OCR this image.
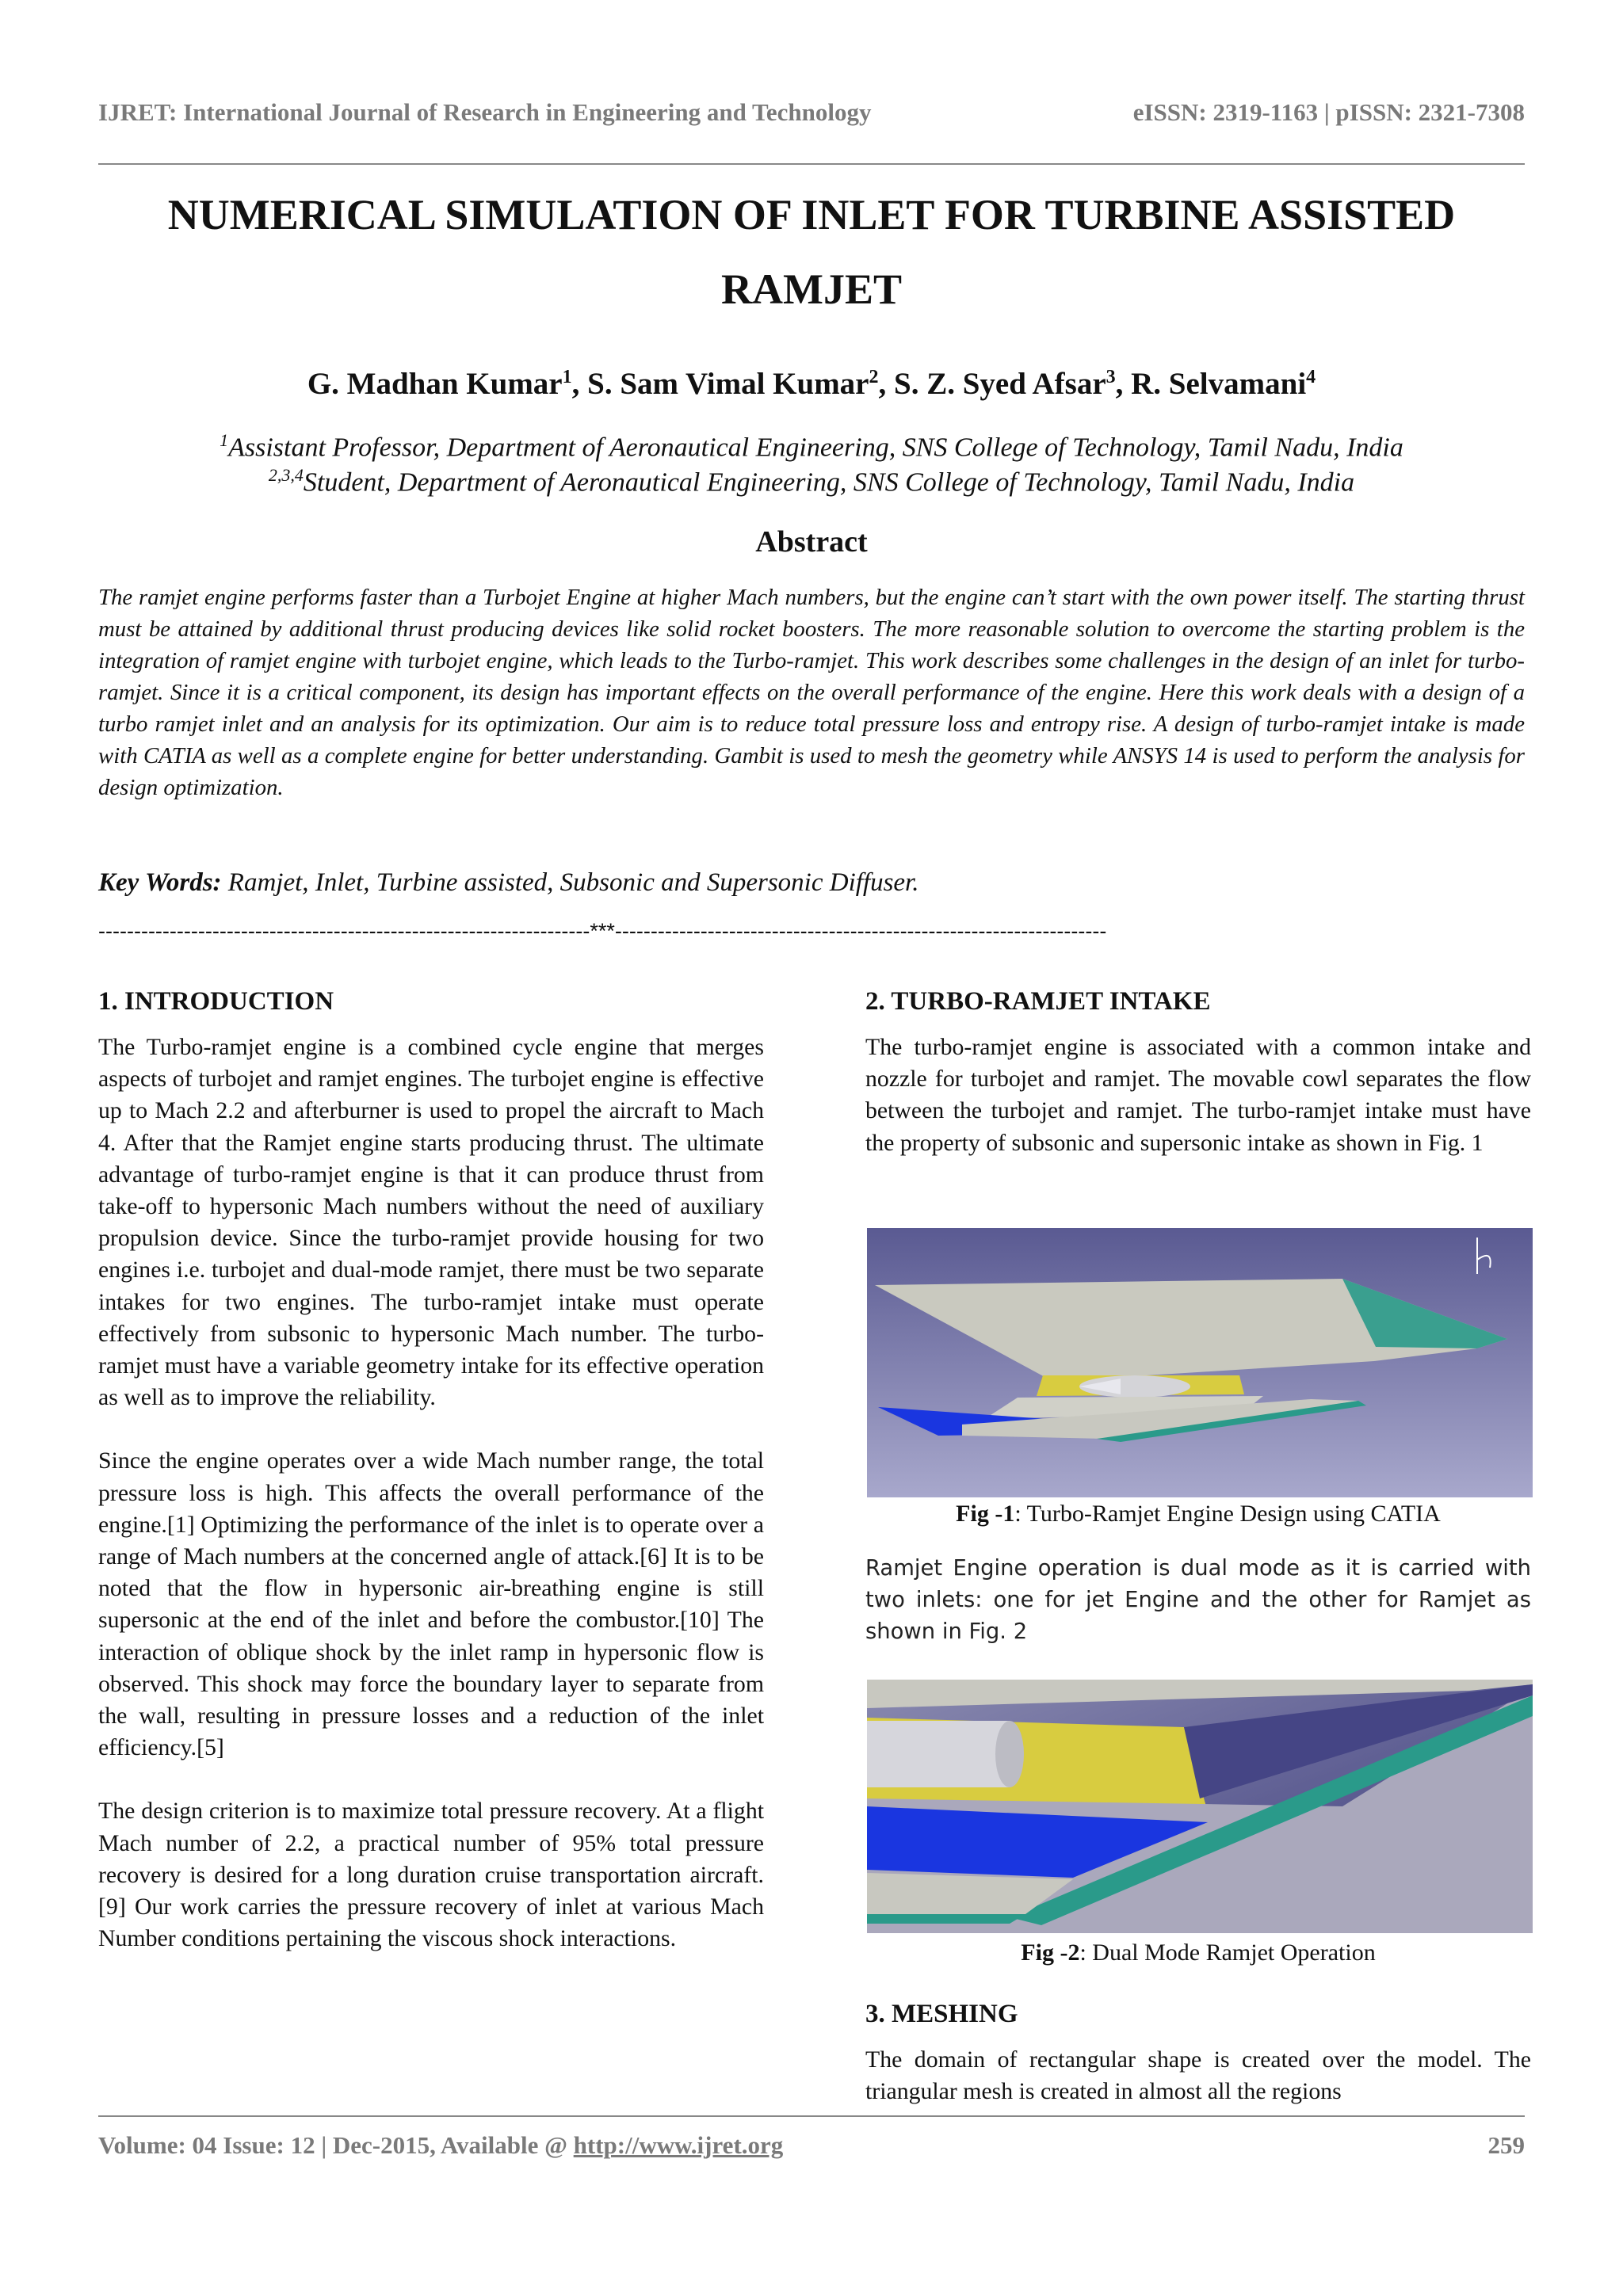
IJRET: International Journal of Research in Engineering and Technology	eISSN: 2319-1163 | pISSN: 2321-7308
NUMERICAL SIMULATION OF INLET FOR TURBINE ASSISTED
RAMJET
G. Madhan Kumar$^1$, S. Sam Vimal Kumar$^2$, S. Z. Syed Afsar$^3$, R. Selvamani$^4$
$^1$Assistant Professor, Department of Aeronautical Engineering, SNS College of Technology, Tamil Nadu, India
$^{2,3,4}$Student, Department of Aeronautical Engineering, SNS College of Technology, Tamil Nadu, India
Abstract
The ramjet engine performs faster than a Turbojet Engine at higher Mach numbers, but the engine can’t start with the own power itself. The starting thrust must be attained by additional thrust producing devices like solid rocket boosters. The more reasonable solution to overcome the starting problem is the integration of ramjet engine with turbojet engine, which leads to the Turbo-ramjet. This work describes some challenges in the design of an inlet for turbo-ramjet. Since it is a critical component, its design has important effects on the overall performance of the engine. Here this work deals with a design of a turbo ramjet inlet and an analysis for its optimization. Our aim is to reduce total pressure loss and entropy rise. A design of turbo-ramjet intake is made with CATIA as well as a complete engine for better understanding. Gambit is used to mesh the geometry while ANSYS 14 is used to perform the analysis for design optimization.
Key Words: Ramjet, Inlet, Turbine assisted, Subsonic and Supersonic Diffuser.
---------------------------------------------------------------------***---------------------------------------------------------------------
1. INTRODUCTION

The Turbo-ramjet engine is a combined cycle engine that merges aspects of turbojet and ramjet engines. The turbojet engine is effective up to Mach 2.2 and afterburner is used to propel the aircraft to Mach 4. After that the Ramjet engine starts producing thrust. The ultimate advantage of turbo-ramjet engine is that it can produce thrust from take-off to hypersonic Mach numbers without the need of auxiliary propulsion device. Since the turbo-ramjet provide housing for two engines i.e. turbojet and dual-mode ramjet, there must be two separate intakes for two engines. The turbo-ramjet intake must operate effectively from subsonic to hypersonic Mach number. The turbo-ramjet must have a variable geometry intake for its effective operation as well as to improve the reliability.

Since the engine operates over a wide Mach number range, the total pressure loss is high. This affects the overall performance of the engine.[1] Optimizing the performance of the inlet is to operate over a range of Mach numbers at the concerned angle of attack.[6] It is to be noted that the flow in hypersonic air-breathing engine is still supersonic at the end of the inlet and before the combustor.[10] The interaction of oblique shock by the inlet ramp in hypersonic flow is observed. This shock may force the boundary layer to separate from the wall, resulting in pressure losses and a reduction of the inlet efficiency.[5]

The design criterion is to maximize total pressure recovery. At a flight Mach number of 2.2, a practical number of 95% total pressure recovery is desired for a long duration cruise transportation aircraft.[9] Our work carries the pressure recovery of inlet at various Mach Number conditions pertaining the viscous shock interactions.

2. TURBO-RAMJET INTAKE

The turbo-ramjet engine is associated with a common intake and nozzle for turbojet and ramjet. The movable cowl separates the flow between the turbojet and ramjet. The turbo-ramjet intake must have the property of subsonic and supersonic intake as shown in Fig. 1

Fig -1: Turbo-Ramjet Engine Design using CATIA
Ramjet Engine operation is dual mode as it is carried with two inlets: one for jet Engine and the other for Ramjet as shown in Fig. 2
Fig -2: Dual Mode Ramjet Operation
3. MESHING

The domain of rectangular shape is created over the model. The triangular mesh is created in almost all the regions

Volume: 04 Issue: 12 | Dec-2015, Available @ http://www.ijret.org	259
